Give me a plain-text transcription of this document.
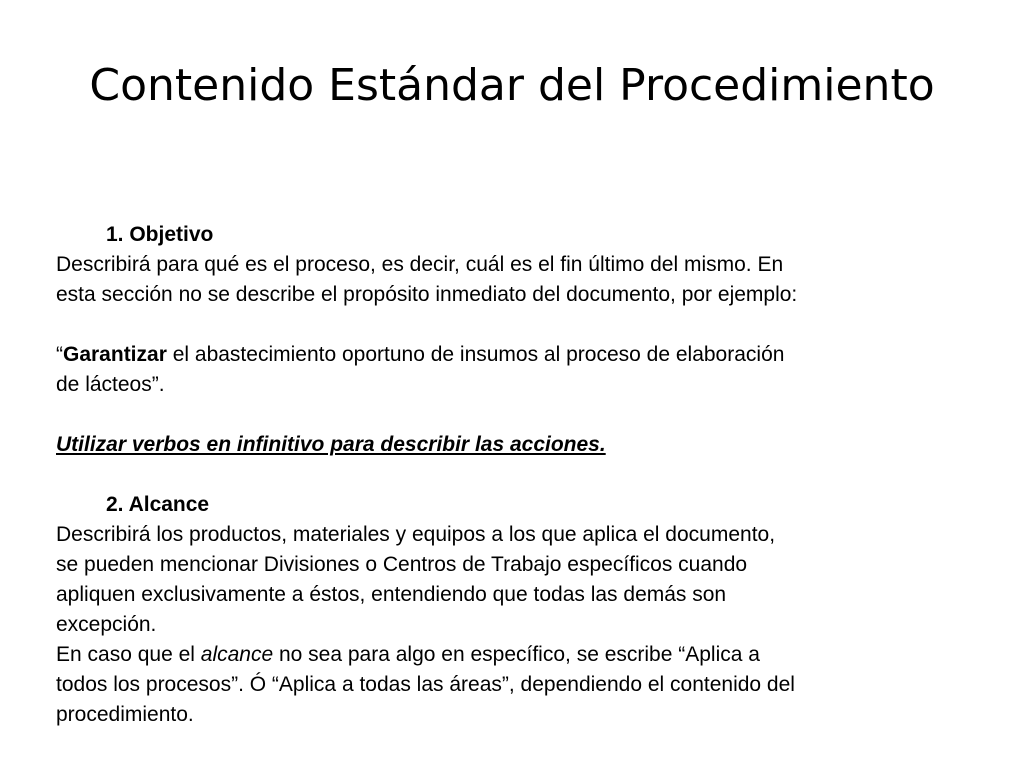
Contenido Estándar del Procedimiento
1. Objetivo
Describirá para qué es el proceso, es decir, cuál es el fin último del mismo. En
esta sección no se describe el propósito inmediato del documento, por ejemplo:
“Garantizar el abastecimiento oportuno de insumos al proceso de elaboración
de lácteos”.
Utilizar verbos en infinitivo para describir las acciones.
2. Alcance
Describirá los productos, materiales y equipos a los que aplica el documento,
se pueden mencionar Divisiones o Centros de Trabajo específicos cuando
apliquen exclusivamente a éstos, entendiendo que todas las demás son
excepción.
En caso que el alcance no sea para algo en específico, se escribe “Aplica a
todos los procesos”. Ó “Aplica a todas las áreas”, dependiendo el contenido del
procedimiento.
